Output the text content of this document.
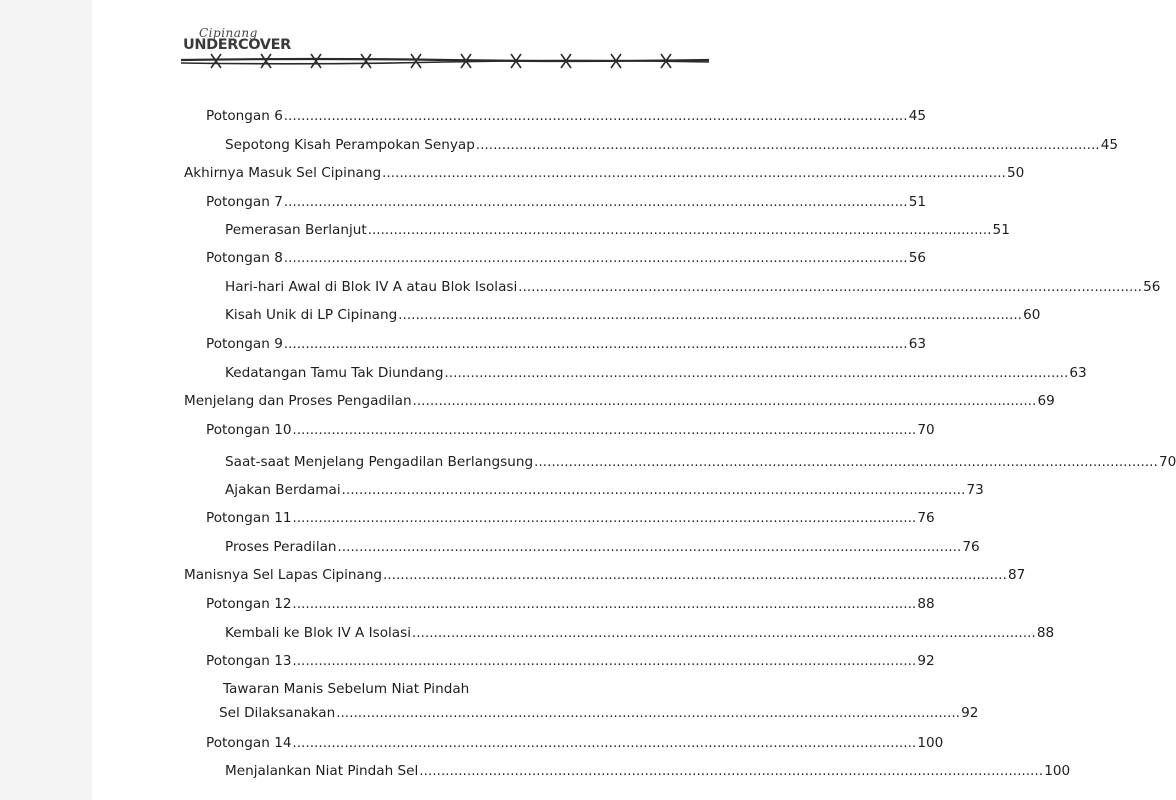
Cipinang
UNDERCOVER
Potongan 6 ................................................................................................................................................ 45
Sepotong Kisah Perampokan Senyap ................................................................................................................................................ 45
Akhirnya Masuk Sel Cipinang ................................................................................................................................................ 50
Potongan 7 ................................................................................................................................................ 51
Pemerasan Berlanjut ................................................................................................................................................ 51
Potongan 8 ................................................................................................................................................ 56
Hari-hari Awal di Blok IV A atau Blok Isolasi ................................................................................................................................................ 56
Kisah Unik di LP Cipinang ................................................................................................................................................ 60
Potongan 9 ................................................................................................................................................ 63
Kedatangan Tamu Tak Diundang ................................................................................................................................................ 63
Menjelang dan Proses Pengadilan ................................................................................................................................................ 69
Potongan 10 ................................................................................................................................................ 70
Saat-saat Menjelang Pengadilan Berlangsung ................................................................................................................................................ 70
Ajakan Berdamai ................................................................................................................................................ 73
Potongan 11 ................................................................................................................................................ 76
Proses Peradilan ................................................................................................................................................ 76
Manisnya Sel Lapas Cipinang ................................................................................................................................................ 87
Potongan 12 ................................................................................................................................................ 88
Kembali ke Blok IV A Isolasi ................................................................................................................................................ 88
Potongan 13 ................................................................................................................................................ 92
Tawaran Manis Sebelum Niat Pindah
Sel Dilaksanakan ................................................................................................................................................ 92
Potongan 14 ................................................................................................................................................ 100
Menjalankan Niat Pindah Sel ................................................................................................................................................ 100
